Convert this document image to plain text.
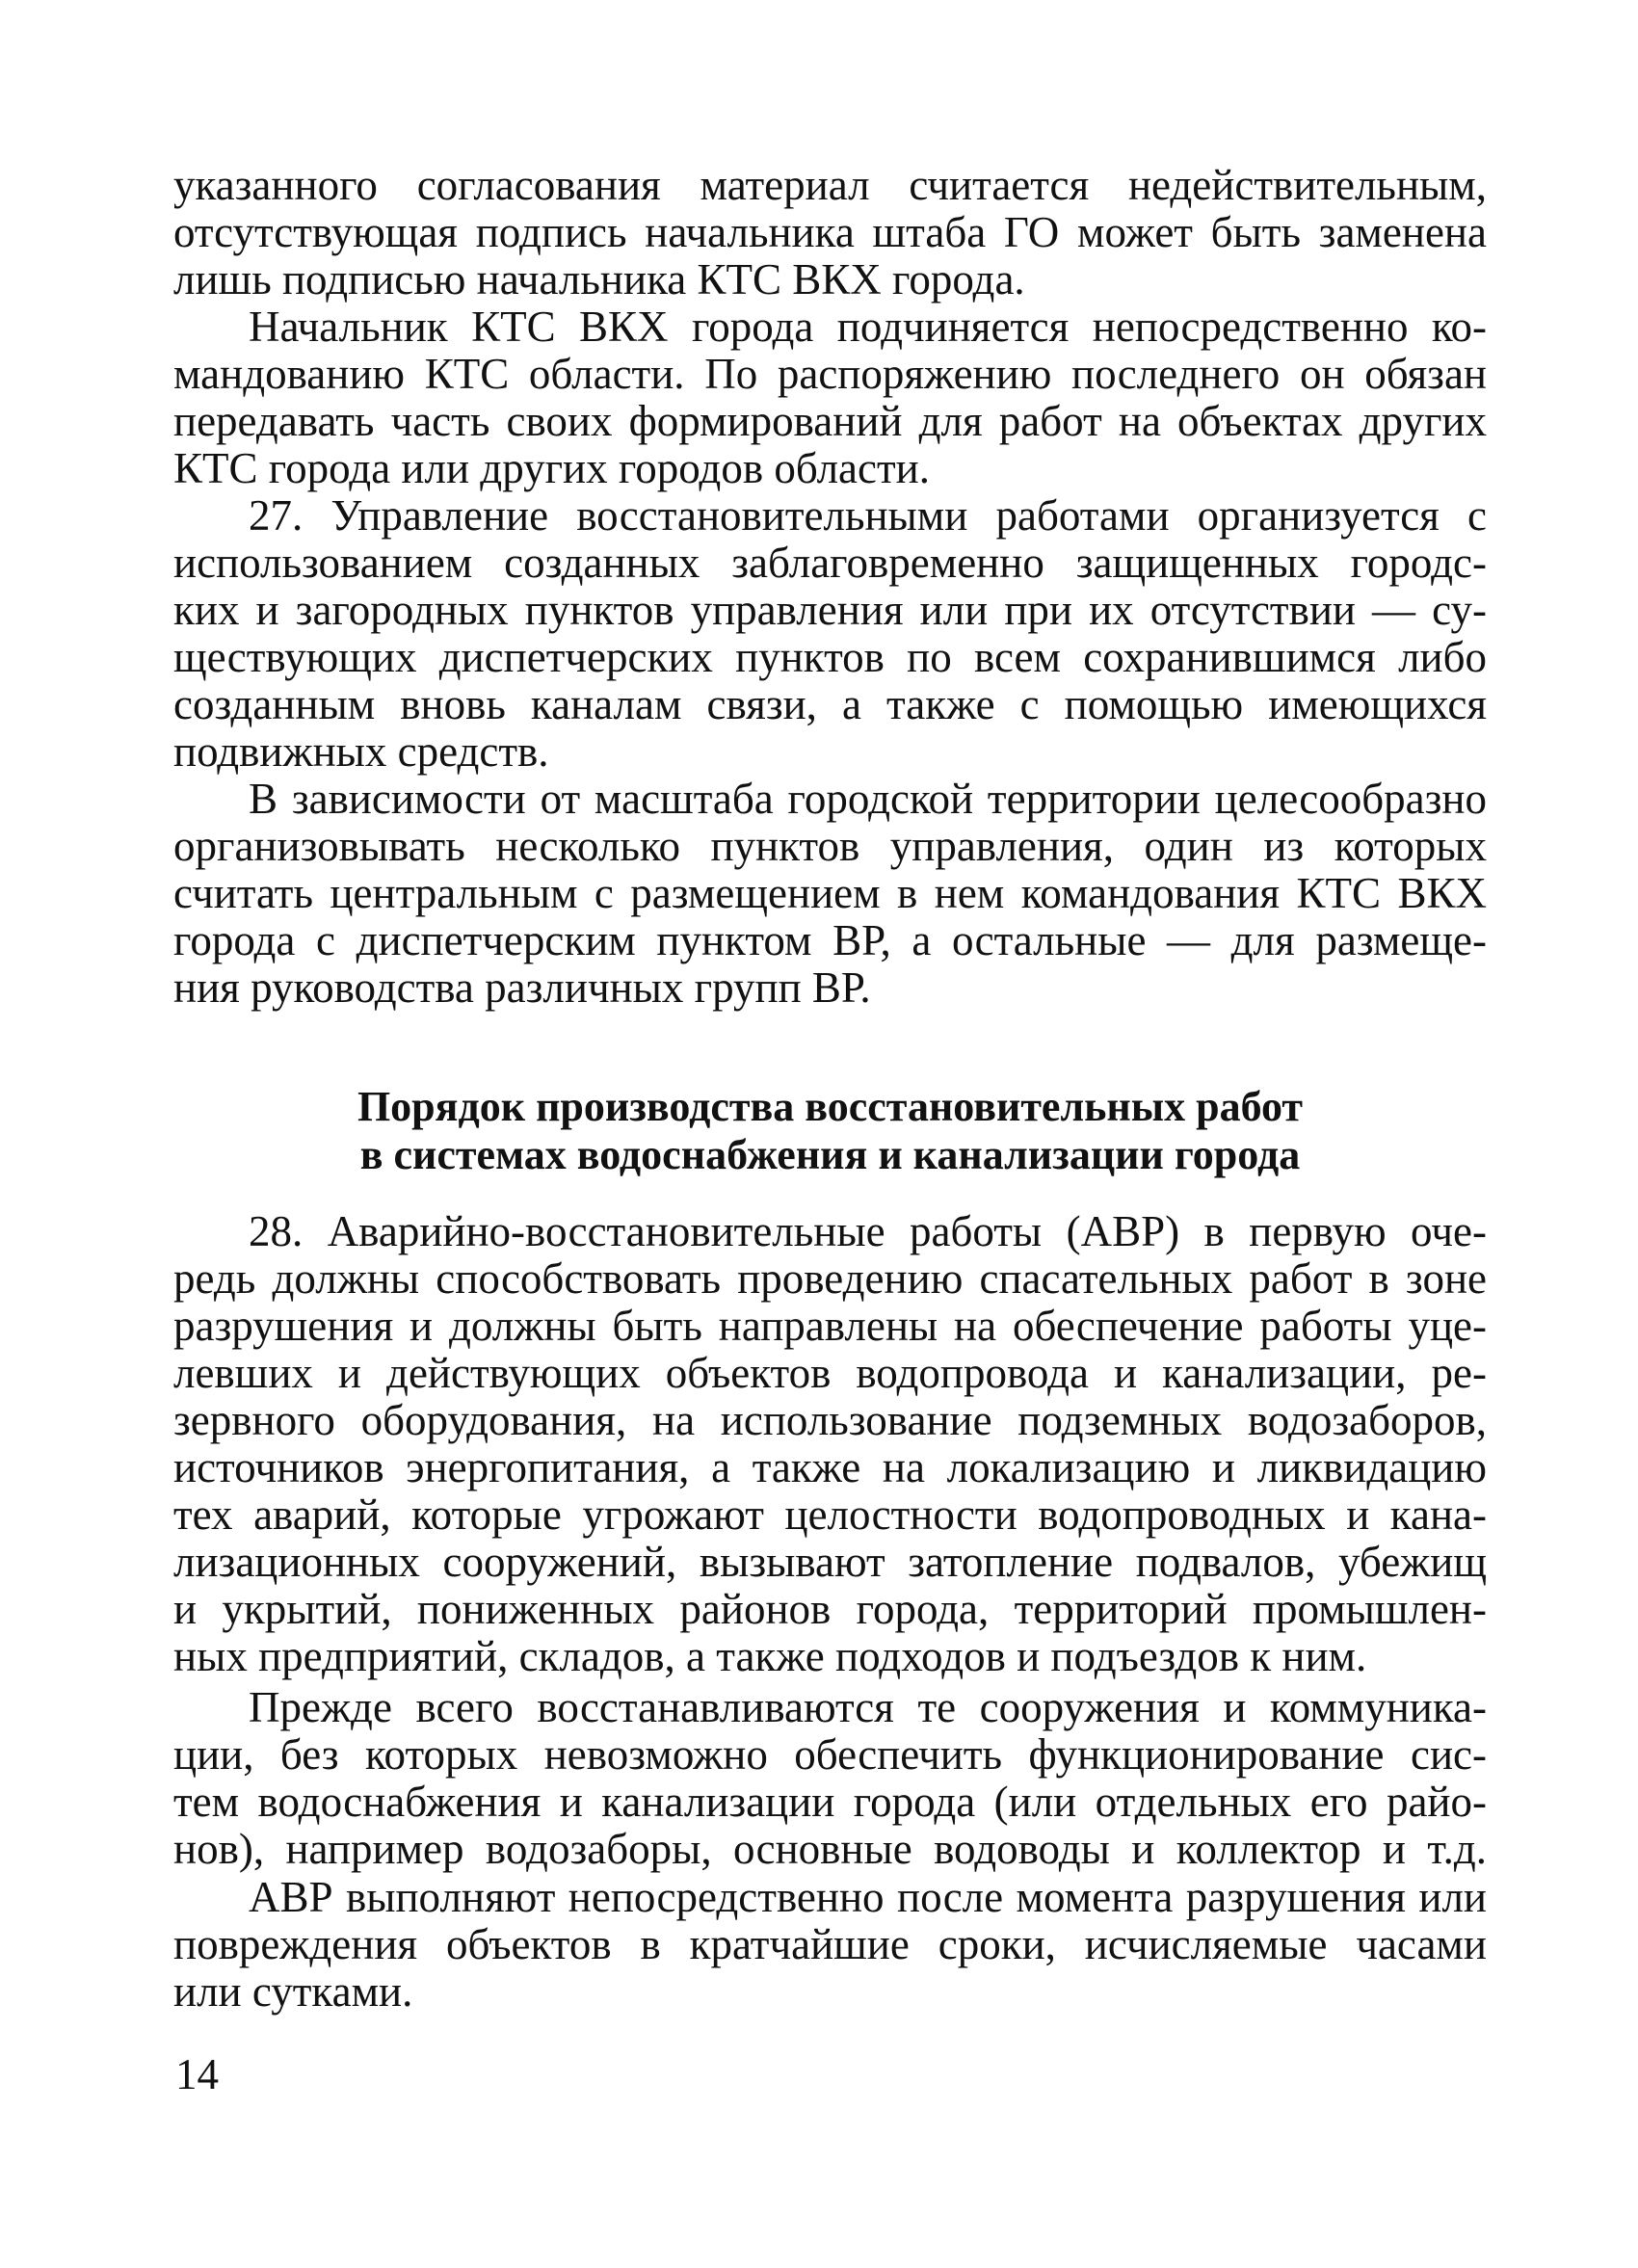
указанного согласования материал считается недействительным,
отсутствующая подпись начальника штаба ГО может быть заменена
лишь подписью начальника КТС ВКХ города.
Начальник КТС ВКХ города подчиняется непосредственно ко-
мандованию КТС области. По распоряжению последнего он обязан
передавать часть своих формирований для работ на объектах других
КТС города или других городов области.
27. Управление восстановительными работами организуется с
использованием созданных заблаговременно защищенных городс-
ких и загородных пунктов управления или при их отсутствии — су-
ществующих диспетчерских пунктов по всем сохранившимся либо
созданным вновь каналам связи, а также с помощью имеющихся
подвижных средств.
В зависимости от масштаба городской территории целесообразно
организовывать несколько пунктов управления, один из которых
считать центральным с размещением в нем командования КТС ВКХ
города с диспетчерским пунктом ВР, а остальные — для размеще-
ния руководства различных групп ВР.
Порядок производства восстановительных работ
в системах водоснабжения и канализации города
28. Аварийно-восстановительные работы (АВР) в первую оче-
редь должны способствовать проведению спасательных работ в зоне
разрушения и должны быть направлены на обеспечение работы уце-
левших и действующих объектов водопровода и канализации, ре-
зервного оборудования, на использование подземных водозаборов,
источников энергопитания, а также на локализацию и ликвидацию
тех аварий, которые угрожают целостности водопроводных и кана-
лизационных сооружений, вызывают затопление подвалов, убежищ
и укрытий, пониженных районов города, территорий промышлен-
ных предприятий, складов, а также подходов и подъездов к ним.
Прежде всего восстанавливаются те сооружения и коммуника-
ции, без которых невозможно обеспечить функционирование сис-
тем водоснабжения и канализации города (или отдельных его райо-
нов), например водозаборы, основные водоводы и коллектор и т.д.
АВР выполняют непосредственно после момента разрушения или
повреждения объектов в кратчайшие сроки, исчисляемые часами
или сутками.
14
